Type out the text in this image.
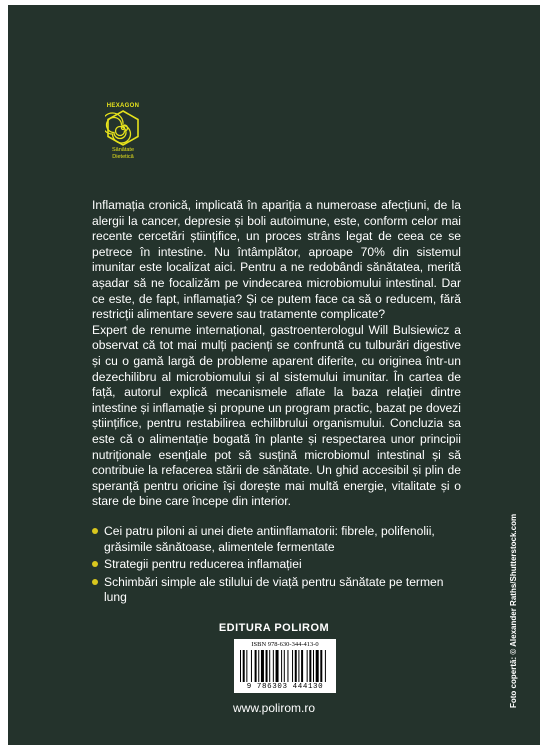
HEXAGON
Sănătate
Dietetică

Inflamația cronică, implicată în apariția a numeroase afecțiuni, de la alergii la cancer, depresie și boli autoimune, este, conform celor mai recente cercetări științifice, un proces strâns legat de ceea ce se petrece în intestine. Nu întâmplător, aproape 70% din sistemul imunitar este localizat aici. Pentru a ne redobândi sănătatea, merită așadar să ne focalizăm pe vindecarea microbiomului intestinal. Dar ce este, de fapt, inflamația? Și ce putem face ca să o reducem, fără restricții alimentare severe sau tratamente complicate?

Expert de renume internațional, gastroenterologul Will Bulsiewicz a observat că tot mai mulți pacienți se confruntă cu tulburări digestive și cu o gamă largă de probleme aparent diferite, cu originea într-un dezechilibru al microbiomului și al sistemului imunitar. În cartea de față, autorul explică mecanismele aflate la baza relației dintre intestine și inflamație și propune un program practic, bazat pe dovezi științifice, pentru restabilirea echilibrului organismului. Concluzia sa este că o alimentație bogată în plante și respectarea unor principii nutriționale esențiale pot să susțină microbiomul intestinal și să contribuie la refacerea stării de sănătate. Un ghid accesibil și plin de speranță pentru oricine își dorește mai multă energie, vitalitate și o stare de bine care începe din interior.

Cei patru piloni ai unei diete antiinflamatorii: fibrele, polifenolii, grăsimile sănătoase, alimentele fermentate
Strategii pentru reducerea inflamației
Schimbări simple ale stilului de viață pentru sănătate pe termen lung
EDITURA POLIROM
ISBN 978-630-344-413-0
9 786303 444130
www.polirom.ro	Foto copertă: © Alexander Raths/Shutterstock.com
